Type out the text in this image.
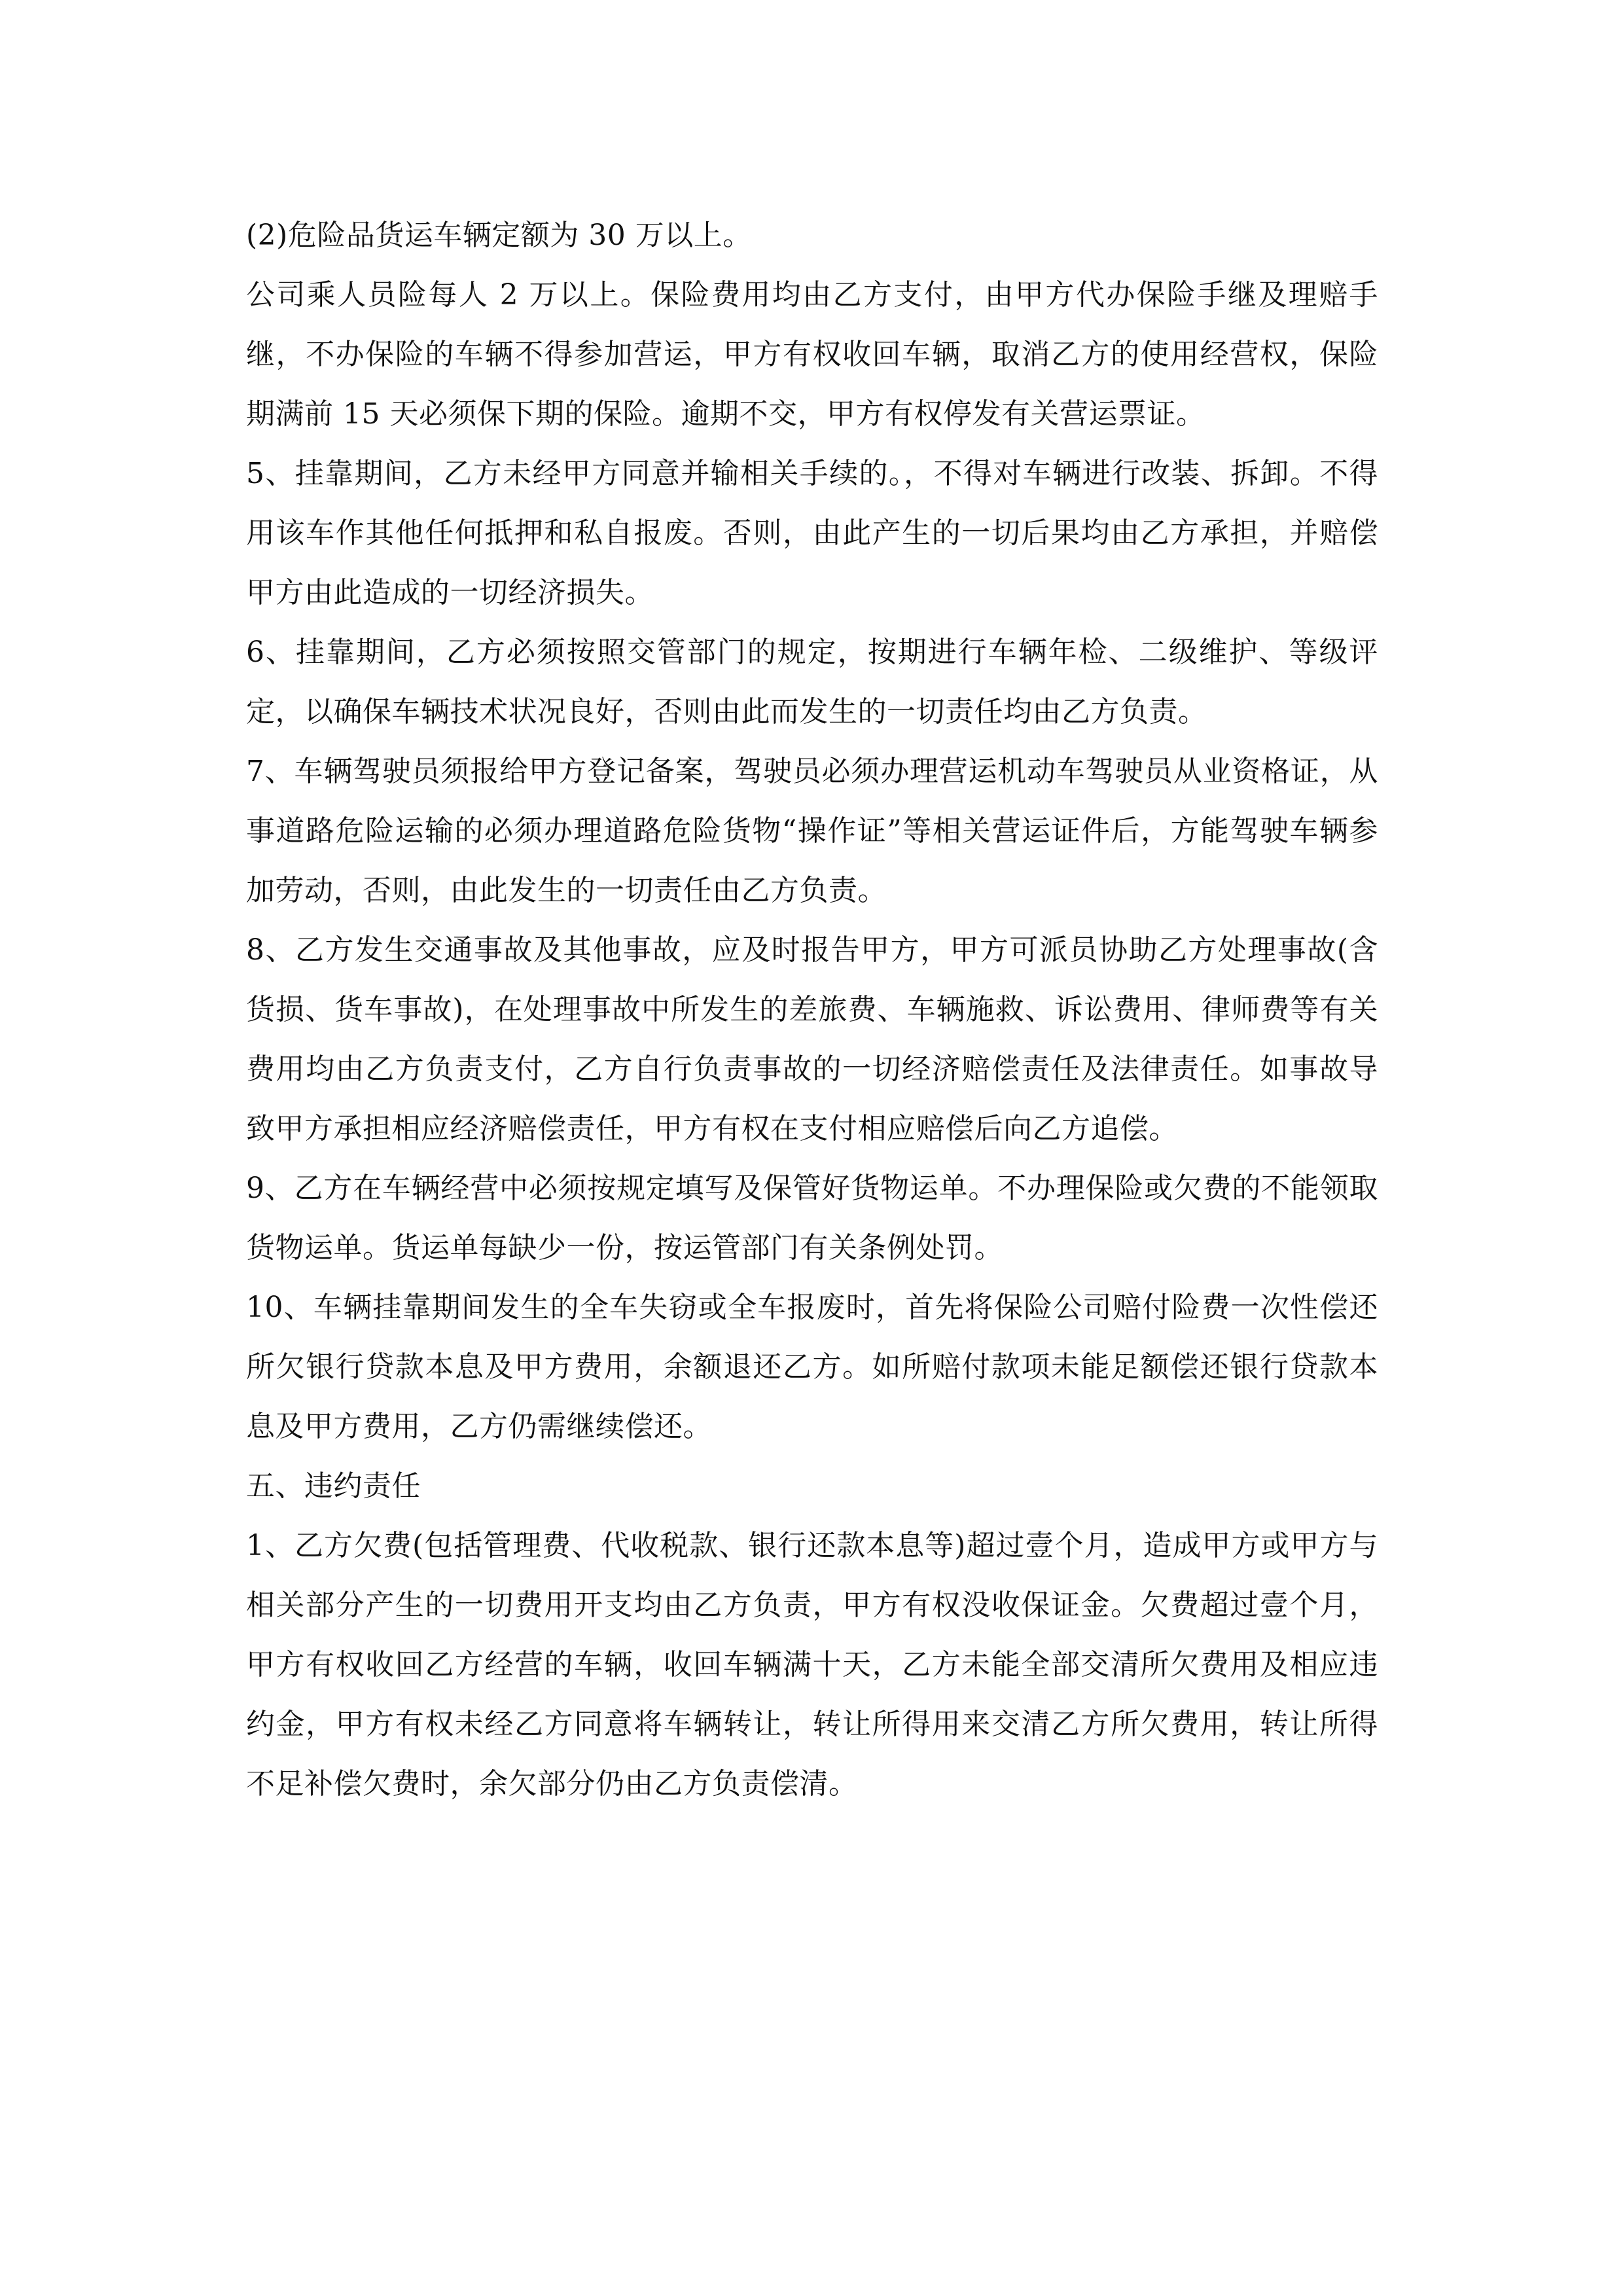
(2)危险品货运车辆定额为 30 万以上。

公司乘人员险每人 2 万以上。保险费用均由乙方支付，由甲方代办保险手继及理赔手继，不办保险的车辆不得参加营运，甲方有权收回车辆，取消乙方的使用经营权，保险期满前 15 天必须保下期的保险。逾期不交，甲方有权停发有关营运票证。

5、挂靠期间，乙方未经甲方同意并输相关手续的。，不得对车辆进行改装、拆卸。不得用该车作其他任何抵押和私自报废。否则，由此产生的一切后果均由乙方承担，并赔偿甲方由此造成的一切经济损失。

6、挂靠期间，乙方必须按照交管部门的规定，按期进行车辆年检、二级维护、等级评定，以确保车辆技术状况良好，否则由此而发生的一切责任均由乙方负责。

7、车辆驾驶员须报给甲方登记备案，驾驶员必须办理营运机动车驾驶员从业资格证，从事道路危险运输的必须办理道路危险货物“操作证”等相关营运证件后，方能驾驶车辆参加劳动，否则，由此发生的一切责任由乙方负责。

8、乙方发生交通事故及其他事故，应及时报告甲方，甲方可派员协助乙方处理事故(含货损、货车事故)，在处理事故中所发生的差旅费、车辆施救、诉讼费用、律师费等有关费用均由乙方负责支付，乙方自行负责事故的一切经济赔偿责任及法律责任。如事故导致甲方承担相应经济赔偿责任，甲方有权在支付相应赔偿后向乙方追偿。

9、乙方在车辆经营中必须按规定填写及保管好货物运单。不办理保险或欠费的不能领取货物运单。货运单每缺少一份，按运管部门有关条例处罚。

10、车辆挂靠期间发生的全车失窃或全车报废时，首先将保险公司赔付险费一次性偿还所欠银行贷款本息及甲方费用，余额退还乙方。如所赔付款项未能足额偿还银行贷款本息及甲方费用，乙方仍需继续偿还。

五、违约责任

1、乙方欠费(包括管理费、代收税款、银行还款本息等)超过壹个月，造成甲方或甲方与相关部分产生的一切费用开支均由乙方负责，甲方有权没收保证金。欠费超过壹个月，甲方有权收回乙方经营的车辆，收回车辆满十天，乙方未能全部交清所欠费用及相应违约金，甲方有权未经乙方同意将车辆转让，转让所得用来交清乙方所欠费用，转让所得不足补偿欠费时，余欠部分仍由乙方负责偿清。
